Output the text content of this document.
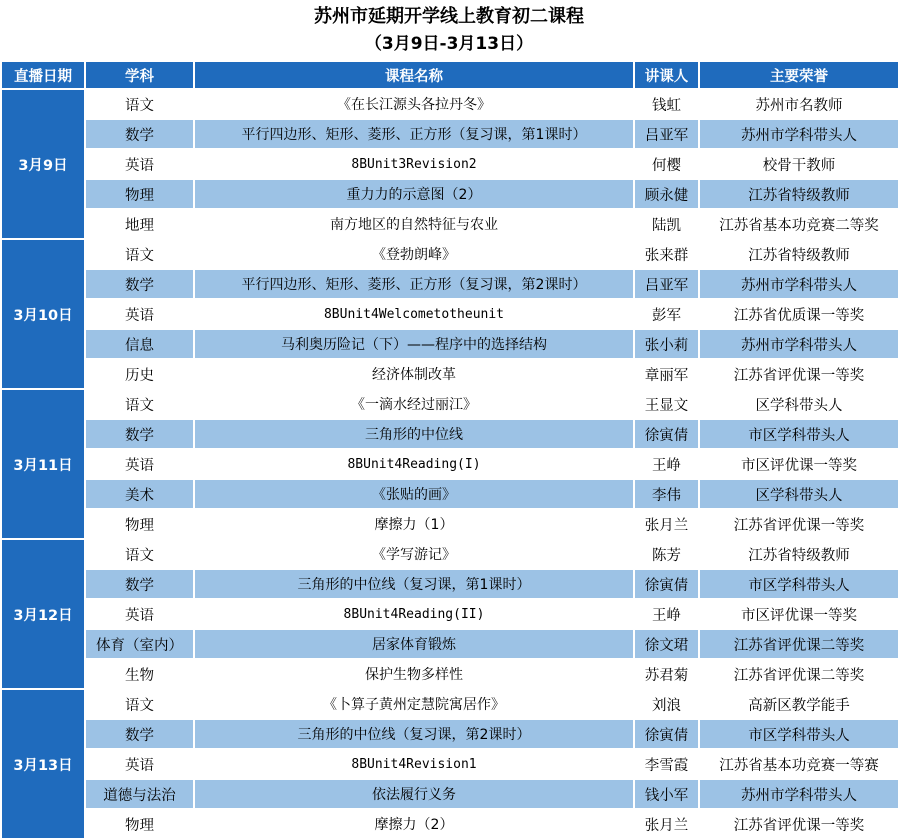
苏州市延期开学线上教育初二课程
（3月9日-3月13日）
直播日期	学科	课程名称	讲课人	主要荣誉
3月9日	语文	《在长江源头各拉丹冬》	钱虹	苏州市名教师
	数学	平行四边形、矩形、菱形、正方形（复习课，第1课时）	吕亚军	苏州市学科带头人
	英语	8BUnit3Revision2	何樱	校骨干教师
	物理	重力力的示意图（2）	顾永健	江苏省特级教师
	地理	南方地区的自然特征与农业	陆凯	江苏省基本功竞赛二等奖
3月10日	语文	《登勃朗峰》	张来群	江苏省特级教师
	数学	平行四边形、矩形、菱形、正方形（复习课，第2课时）	吕亚军	苏州市学科带头人
	英语	8BUnit4Welcometotheunit	彭军	江苏省优质课一等奖
	信息	马利奥历险记（下）——程序中的选择结构	张小莉	苏州市学科带头人
	历史	经济体制改革	章丽军	江苏省评优课一等奖
3月11日	语文	《一滴水经过丽江》	王显文	区学科带头人
	数学	三角形的中位线	徐寅倩	市区学科带头人
	英语	8BUnit4Reading(I)	王峥	市区评优课一等奖
	美术	《张贴的画》	李伟	区学科带头人
	物理	摩擦力（1）	张月兰	江苏省评优课一等奖
3月12日	语文	《学写游记》	陈芳	江苏省特级教师
	数学	三角形的中位线（复习课，第1课时）	徐寅倩	市区学科带头人
	英语	8BUnit4Reading(II)	王峥	市区评优课一等奖
	体育（室内）	居家体育锻炼	徐文珺	江苏省评优课二等奖
	生物	保护生物多样性	苏君菊	江苏省评优课二等奖
3月13日	语文	《卜算子黄州定慧院寓居作》	刘浪	高新区教学能手
	数学	三角形的中位线（复习课，第2课时）	徐寅倩	市区学科带头人
	英语	8BUnit4Revision1	李雪霞	江苏省基本功竞赛一等赛
	道德与法治	依法履行义务	钱小军	苏州市学科带头人
	物理	摩擦力（2）	张月兰	江苏省评优课一等奖
